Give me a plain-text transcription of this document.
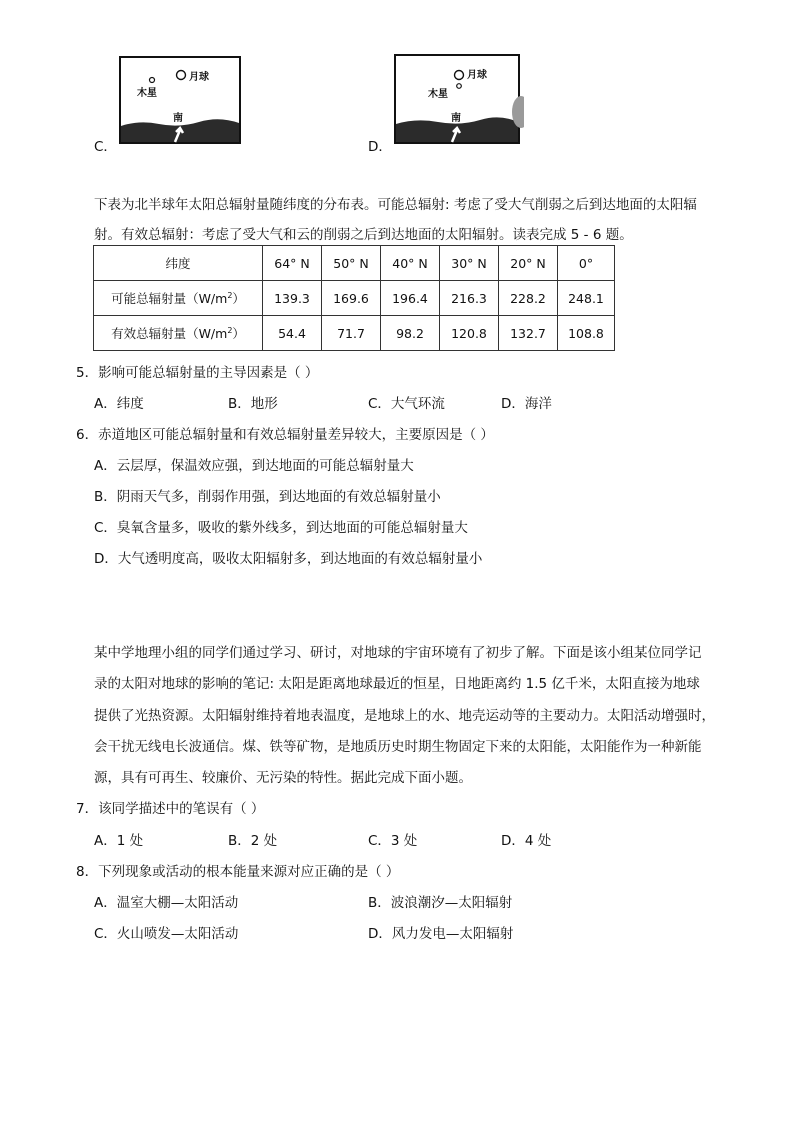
C．
木星
月球
南
D．
月球
木星
南
下表为北半球年太阳总辐射量随纬度的分布表。可能总辐射: 考虑了受大气削弱之后到达地面的太阳辐
射。有效总辐射：考虑了受大气和云的削弱之后到达地面的太阳辐射。读表完成 5 - 6 题。
纬度	64° N	50° N	40° N	30° N	20° N	0°
可能总辐射量$(W/m^2)$	139.3	169.6	196.4	216.3	228.2	248.1
有效总辐射量$(W/m^2)$	54.4	71.7	98.2	120.8	132.7	108.8
5．影响可能总辐射量的主导因素是（ ）
A．纬度	B．地形	C．大气环流	D．海洋
6．赤道地区可能总辐射量和有效总辐射量差异较大，主要原因是（ ）
A．云层厚，保温效应强，到达地面的可能总辐射量大
B．阴雨天气多，削弱作用强，到达地面的有效总辐射量小
C．臭氧含量多，吸收的紫外线多，到达地面的可能总辐射量大
D．大气透明度高，吸收太阳辐射多，到达地面的有效总辐射量小
某中学地理小组的同学们通过学习、研讨，对地球的宇宙环境有了初步了解。下面是该小组某位同学记
录的太阳对地球的影响的笔记: 太阳是距离地球最近的恒星，日地距离约 1.5 亿千米，太阳直接为地球
提供了光热资源。太阳辐射维持着地表温度，是地球上的水、地壳运动等的主要动力。太阳活动增强时，
会干扰无线电长波通信。煤、铁等矿物，是地质历史时期生物固定下来的太阳能，太阳能作为一种新能
源，具有可再生、较廉价、无污染的特性。据此完成下面小题。
7．该同学描述中的笔误有（ ）
A．1 处	B．2 处	C．3 处	D．4 处
8．下列现象或活动的根本能量来源对应正确的是（ ）
A．温室大棚—太阳活动	B．波浪潮汐—太阳辐射
C．火山喷发—太阳活动	D．风力发电—太阳辐射
